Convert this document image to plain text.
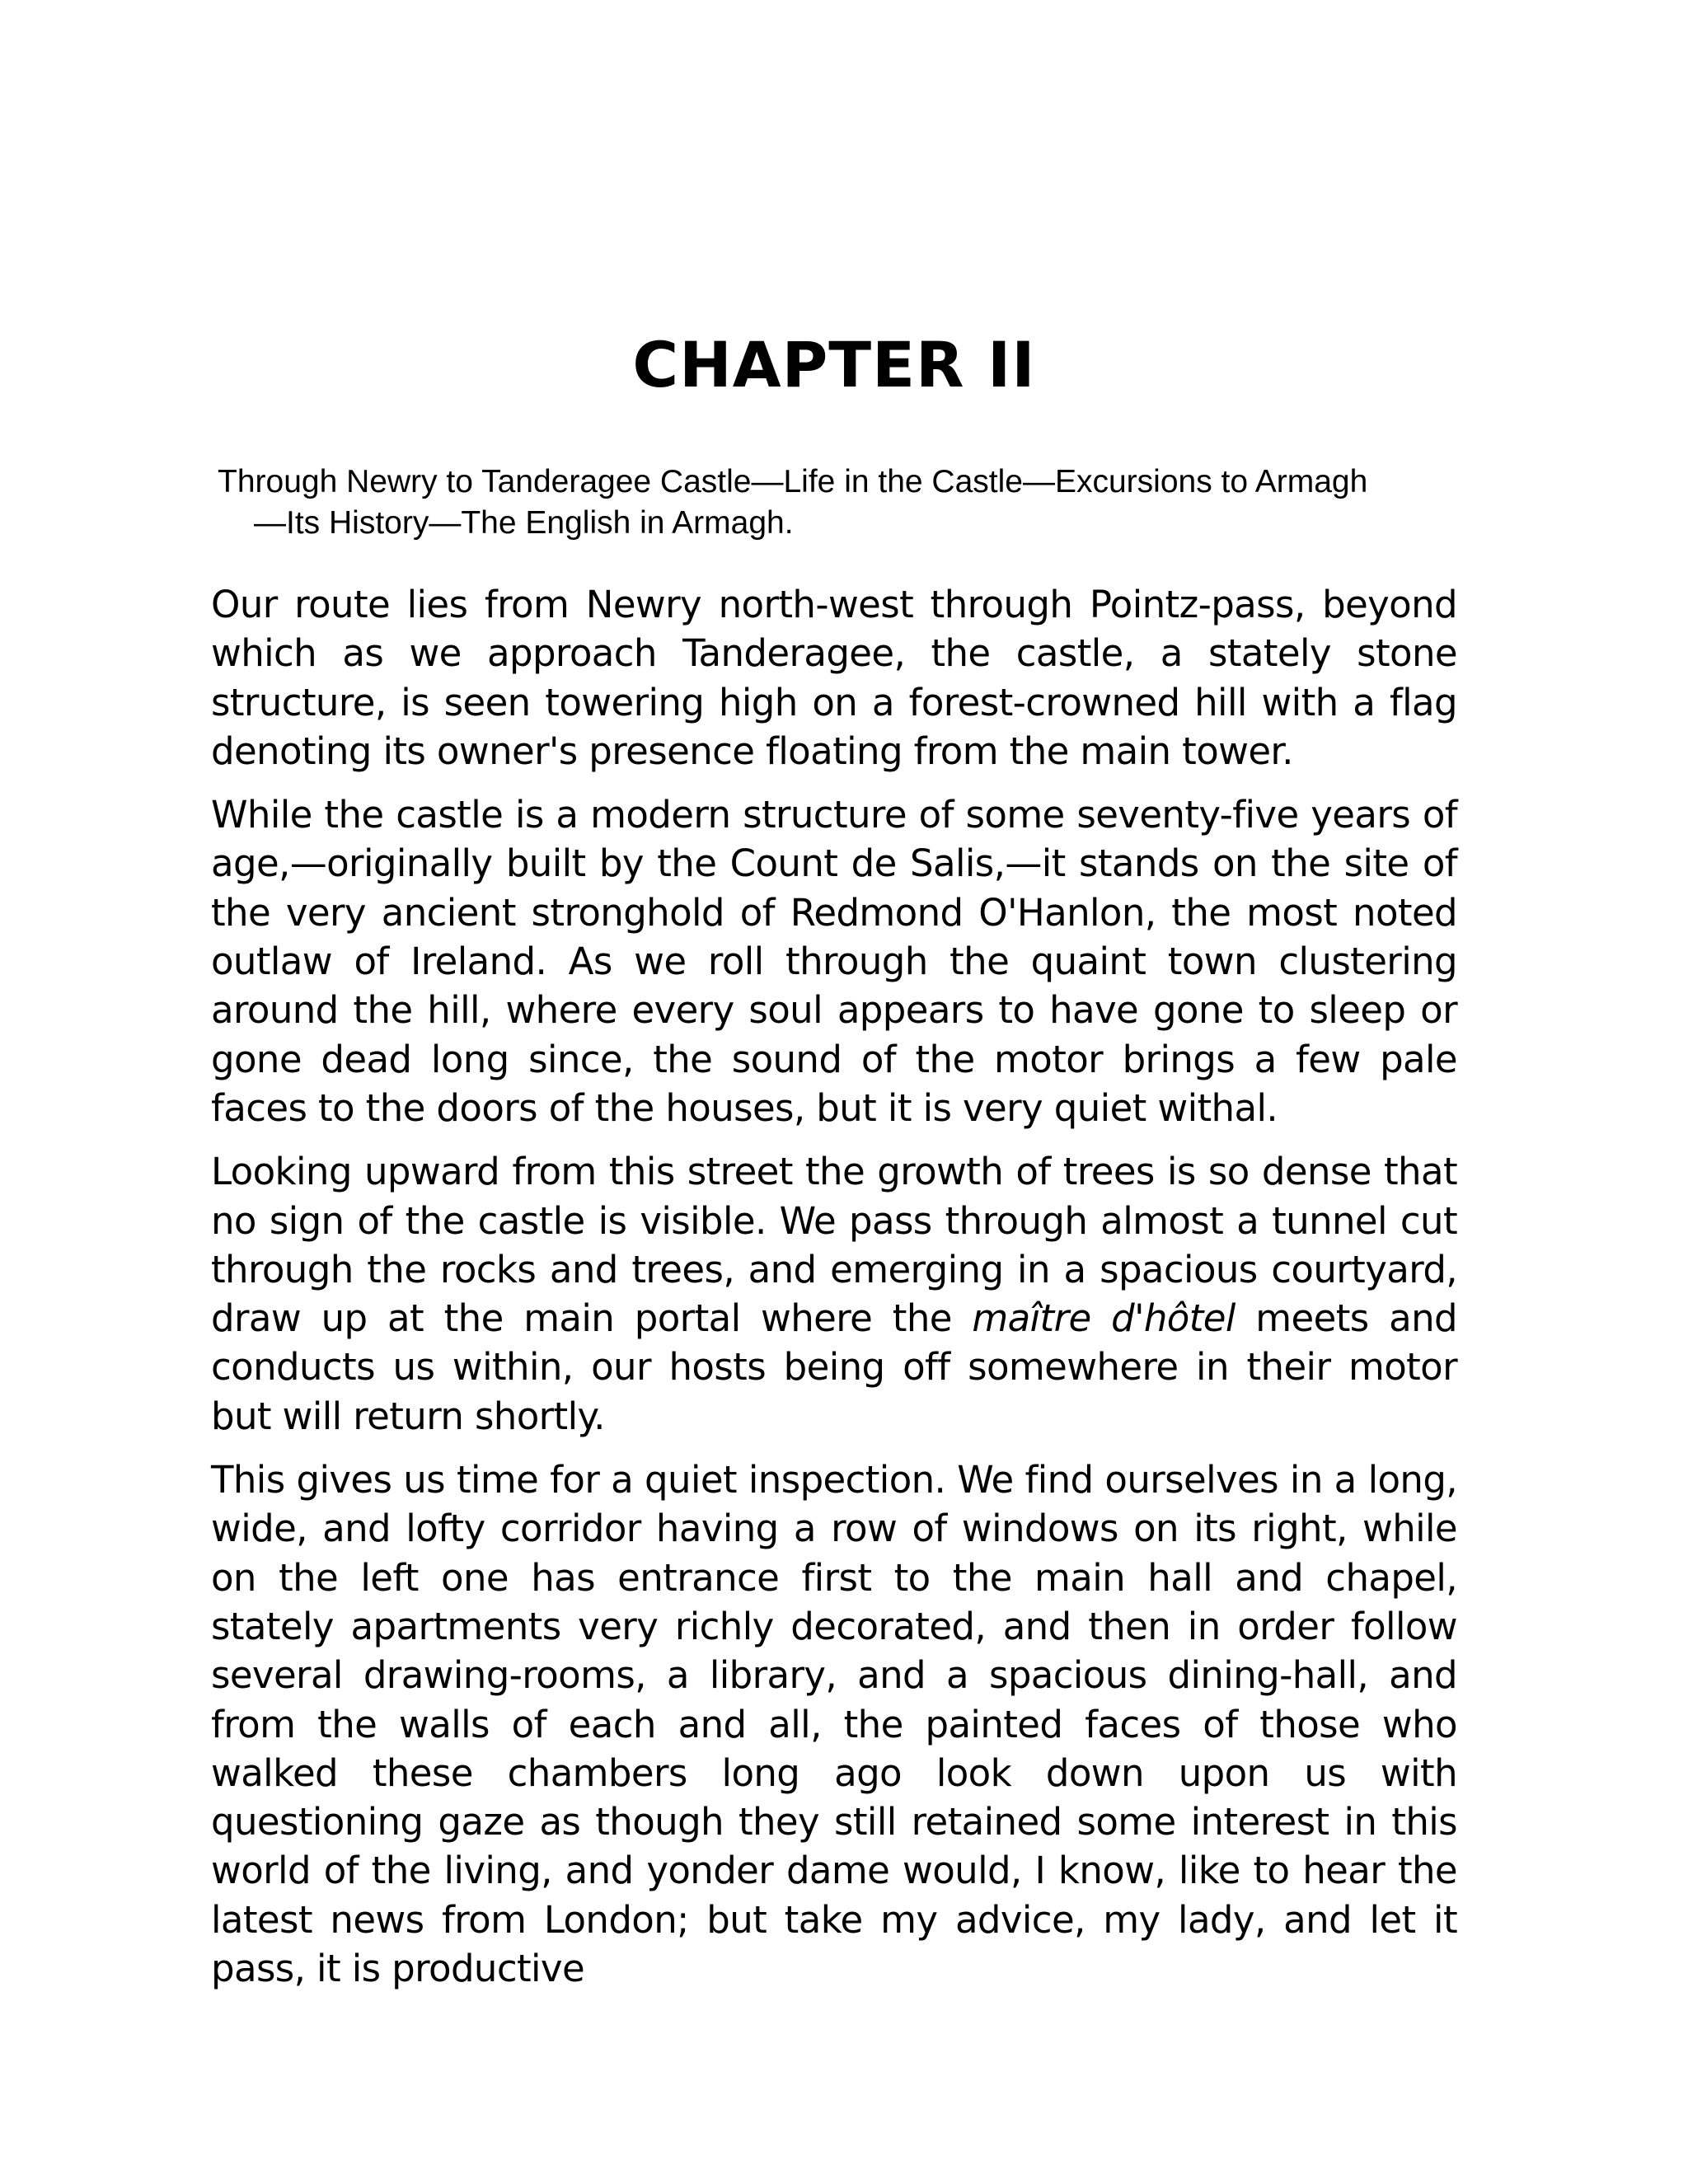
CHAPTER II

Through Newry to Tanderagee Castle—Life in the Castle—Excursions to Armagh
—Its History—The English in Armagh.

Our route lies from Newry north-west through Pointz-pass, beyond which as we approach Tanderagee, the castle, a stately stone structure, is seen towering high on a forest-crowned hill with a flag denoting its owner's presence floating from the main tower.

While the castle is a modern structure of some seventy-five years of age,—originally built by the Count de Salis,—it stands on the site of the very ancient stronghold of Redmond O'Hanlon, the most noted outlaw of Ireland. As we roll through the quaint town clustering around the hill, where every soul appears to have gone to sleep or gone dead long since, the sound of the motor brings a few pale faces to the doors of the houses, but it is very quiet withal.

Looking upward from this street the growth of trees is so dense that no sign of the castle is visible. We pass through almost a tunnel cut through the rocks and trees, and emerging in a spacious courtyard, draw up at the main portal where the maître d'hôtel meets and conducts us within, our hosts being off somewhere in their motor but will return shortly.

This gives us time for a quiet inspection. We find ourselves in a long, wide, and lofty corridor having a row of windows on its right, while on the left one has entrance first to the main hall and chapel, stately apartments very richly decorated, and then in order follow several drawing-rooms, a library, and a spacious dining-hall, and from the walls of each and all, the painted faces of those who walked these chambers long ago look down upon us with questioning gaze as though they still retained some interest in this world of the living, and yonder dame would, I know, like to hear the latest news from London; but take my advice, my lady, and let it pass, it is productive
